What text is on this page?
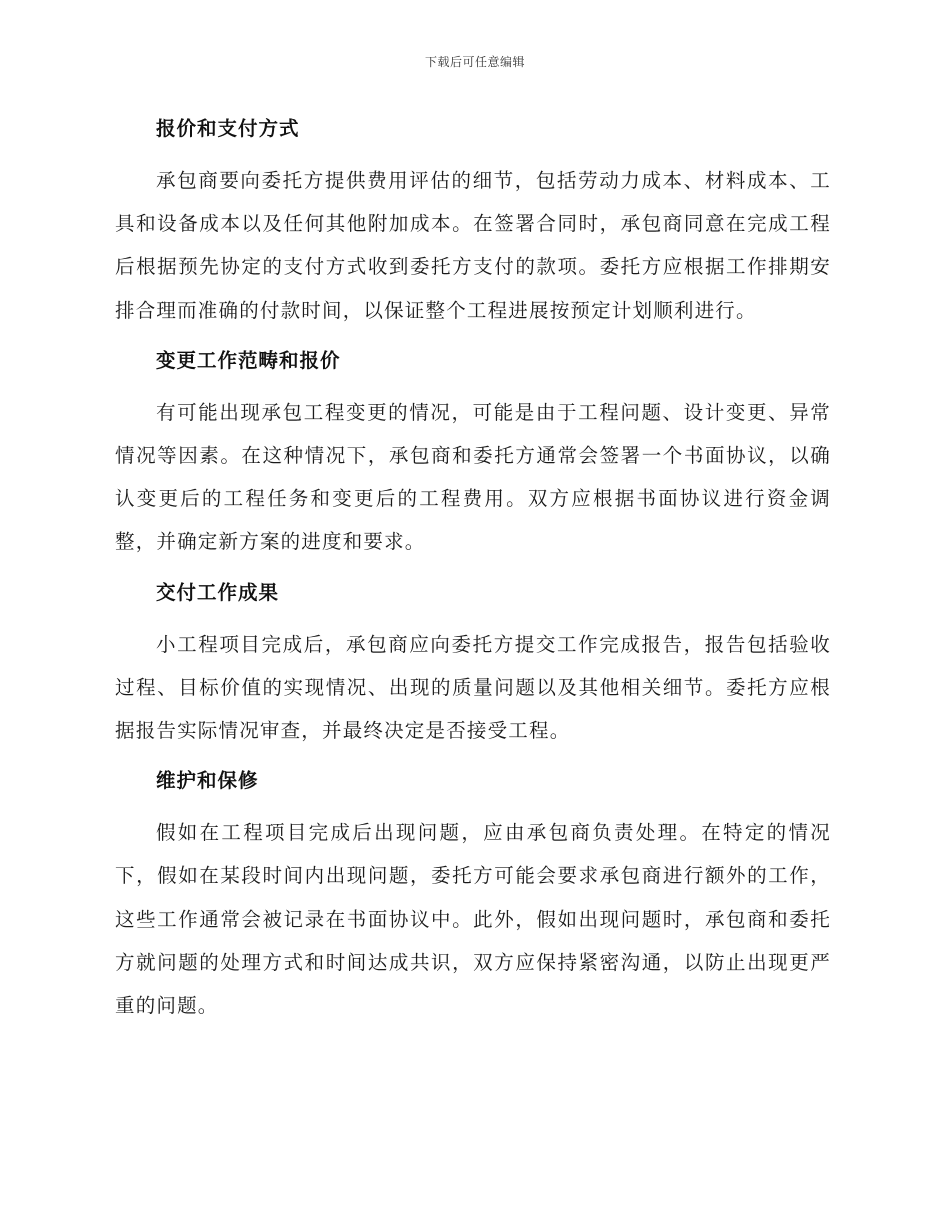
下载后可任意编辑
报价和支付方式

承包商要向委托方提供费用评估的细节，包括劳动力成本、材料成本、工具和设备成本以及任何其他附加成本。在签署合同时，承包商同意在完成工程后根据预先协定的支付方式收到委托方支付的款项。委托方应根据工作排期安排合理而准确的付款时间，以保证整个工程进展按预定计划顺利进行。

变更工作范畴和报价

有可能出现承包工程变更的情况，可能是由于工程问题、设计变更、异常情况等因素。在这种情况下，承包商和委托方通常会签署一个书面协议，以确认变更后的工程任务和变更后的工程费用。双方应根据书面协议进行资金调整，并确定新方案的进度和要求。

交付工作成果

小工程项目完成后，承包商应向委托方提交工作完成报告，报告包括验收过程、目标价值的实现情况、出现的质量问题以及其他相关细节。委托方应根据报告实际情况审查，并最终决定是否接受工程。

维护和保修

假如在工程项目完成后出现问题，应由承包商负责处理。在特定的情况下，假如在某段时间内出现问题，委托方可能会要求承包商进行额外的工作，这些工作通常会被记录在书面协议中。此外，假如出现问题时，承包商和委托方就问题的处理方式和时间达成共识，双方应保持紧密沟通，以防止出现更严重的问题。
